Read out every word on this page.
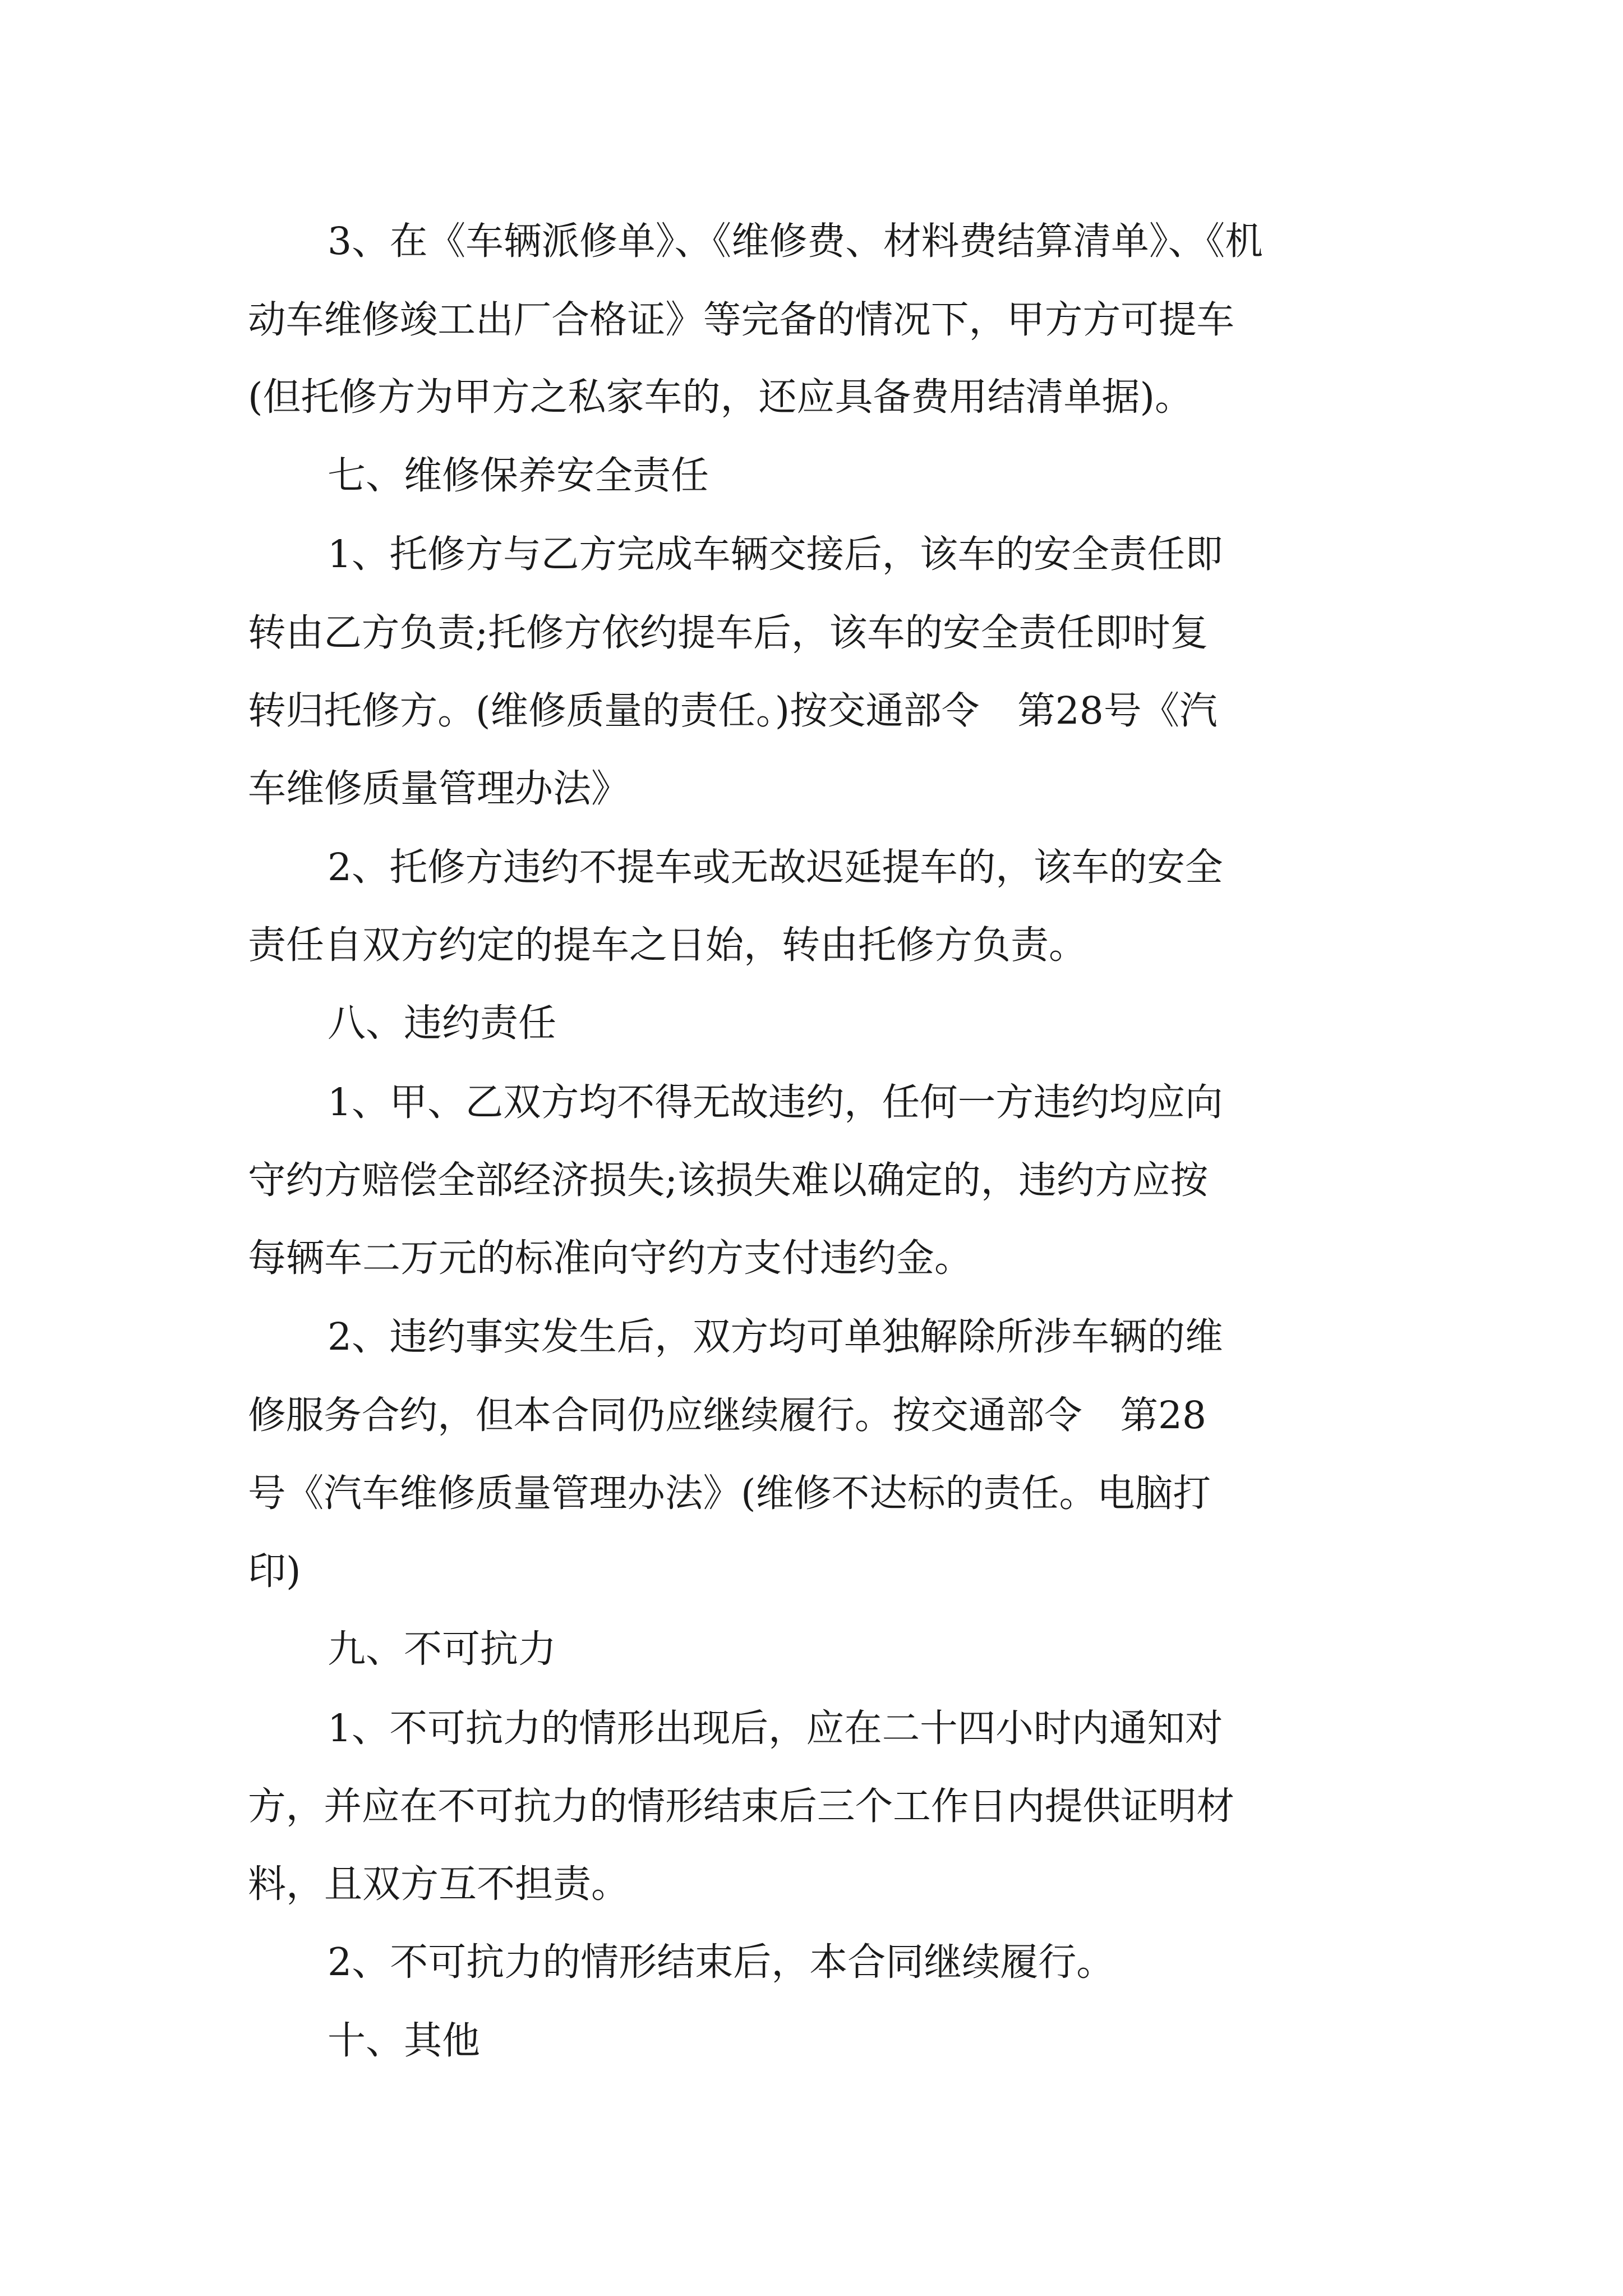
3、在《车辆派修单》、《维修费、材料费结算清单》、《机
动车维修竣工出厂合格证》等完备的情况下，甲方方可提车
(但托修方为甲方之私家车的，还应具备费用结清单据)。
七、维修保养安全责任
1、托修方与乙方完成车辆交接后，该车的安全责任即
转由乙方负责;托修方依约提车后，该车的安全责任即时复
转归托修方。(维修质量的责任。)按交通部令　第28号《汽
车维修质量管理办法》
2、托修方违约不提车或无故迟延提车的，该车的安全
责任自双方约定的提车之日始，转由托修方负责。
八、违约责任
1、甲、乙双方均不得无故违约，任何一方违约均应向
守约方赔偿全部经济损失;该损失难以确定的，违约方应按
每辆车二万元的标准向守约方支付违约金。
2、违约事实发生后，双方均可单独解除所涉车辆的维
修服务合约，但本合同仍应继续履行。按交通部令　第28
号《汽车维修质量管理办法》(维修不达标的责任。电脑打
印)
九、不可抗力
1、不可抗力的情形出现后，应在二十四小时内通知对
方，并应在不可抗力的情形结束后三个工作日内提供证明材
料，且双方互不担责。
2、不可抗力的情形结束后，本合同继续履行。
十、其他
